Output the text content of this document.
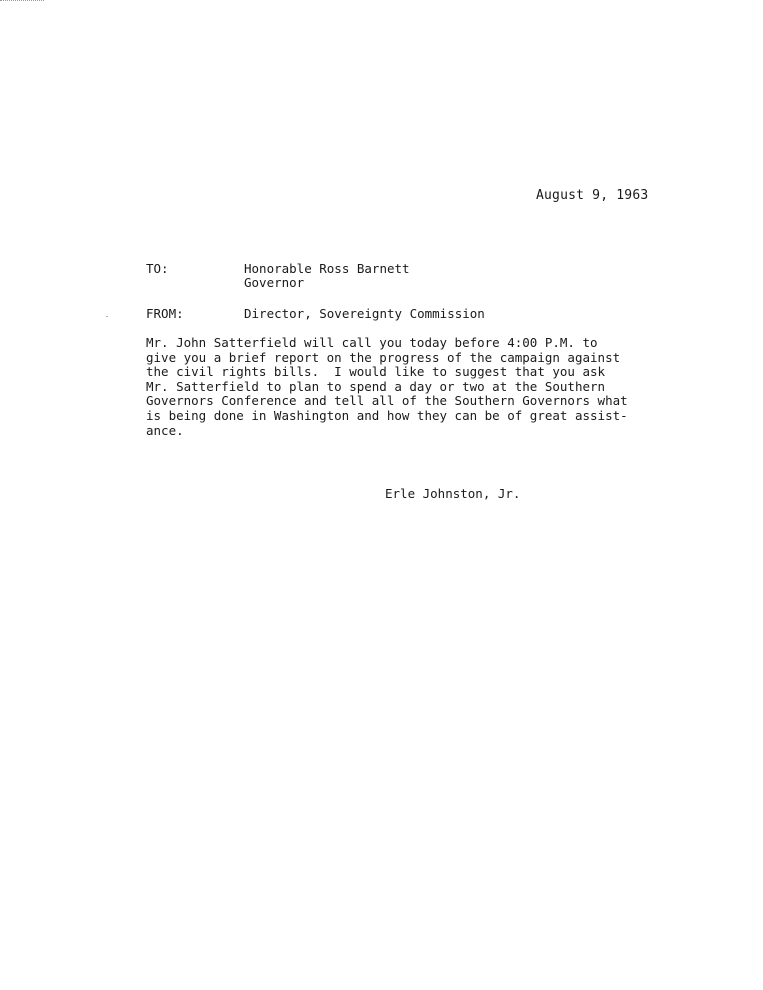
August 9, 1963
TO:	Honorable Ross Barnett
Governor
FROM:	Director, Sovereignty Commission
Mr. John Satterfield will call you today before 4:00 P.M. to
give you a brief report on the progress of the campaign against
the civil rights bills.  I would like to suggest that you ask
Mr. Satterfield to plan to spend a day or two at the Southern
Governors Conference and tell all of the Southern Governors what
is being done in Washington and how they can be of great assist-
ance.
Erle Johnston, Jr.
